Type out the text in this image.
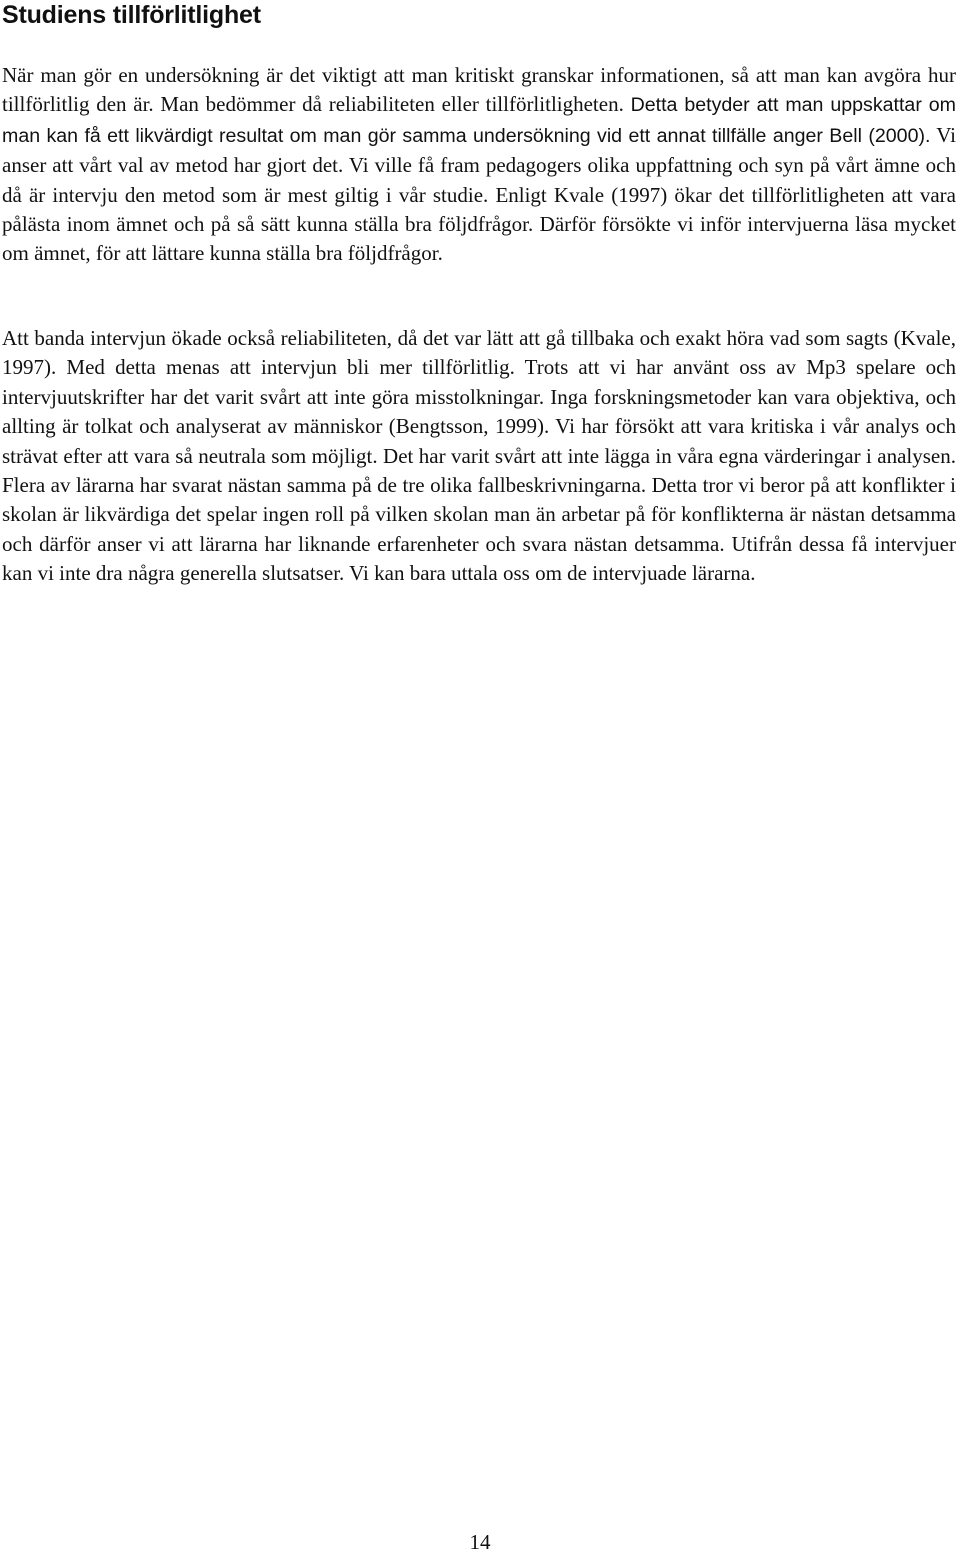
Studiens tillförlitlighet

När man gör en undersökning är det viktigt att man kritiskt granskar informationen, så att man kan avgöra hur tillförlitlig den är. Man bedömmer då reliabiliteten eller tillförlitligheten. Detta betyder att man uppskattar om man kan få ett likvärdigt resultat om man gör samma undersökning vid ett annat tillfälle anger Bell (2000). Vi anser att vårt val av metod har gjort det. Vi ville få fram pedagogers olika uppfattning och syn på vårt ämne och då är intervju den metod som är mest giltig i vår studie. Enligt Kvale (1997) ökar det tillförlitligheten att vara pålästa inom ämnet och på så sätt kunna ställa bra följdfrågor. Därför försökte vi inför intervjuerna läsa mycket om ämnet, för att lättare kunna ställa bra följdfrågor.

Att banda intervjun ökade också reliabiliteten, då det var lätt att gå tillbaka och exakt höra vad som sagts (Kvale, 1997). Med detta menas att intervjun bli mer tillförlitlig. Trots att vi har använt oss av Mp3 spelare och intervjuutskrifter har det varit svårt att inte göra misstolkningar. Inga forskningsmetoder kan vara objektiva, och allting är tolkat och analyserat av människor (Bengtsson, 1999). Vi har försökt att vara kritiska i vår analys och strävat efter att vara så neutrala som möjligt. Det har varit svårt att inte lägga in våra egna värderingar i analysen. Flera av lärarna har svarat nästan samma på de tre olika fallbeskrivningarna. Detta tror vi beror på att konflikter i skolan är likvärdiga det spelar ingen roll på vilken skolan man än arbetar på för konflikterna är nästan detsamma och därför anser vi att lärarna har liknande erfarenheter och svara nästan detsamma. Utifrån dessa få intervjuer kan vi inte dra några generella slutsatser. Vi kan bara uttala oss om de intervjuade lärarna.

14
